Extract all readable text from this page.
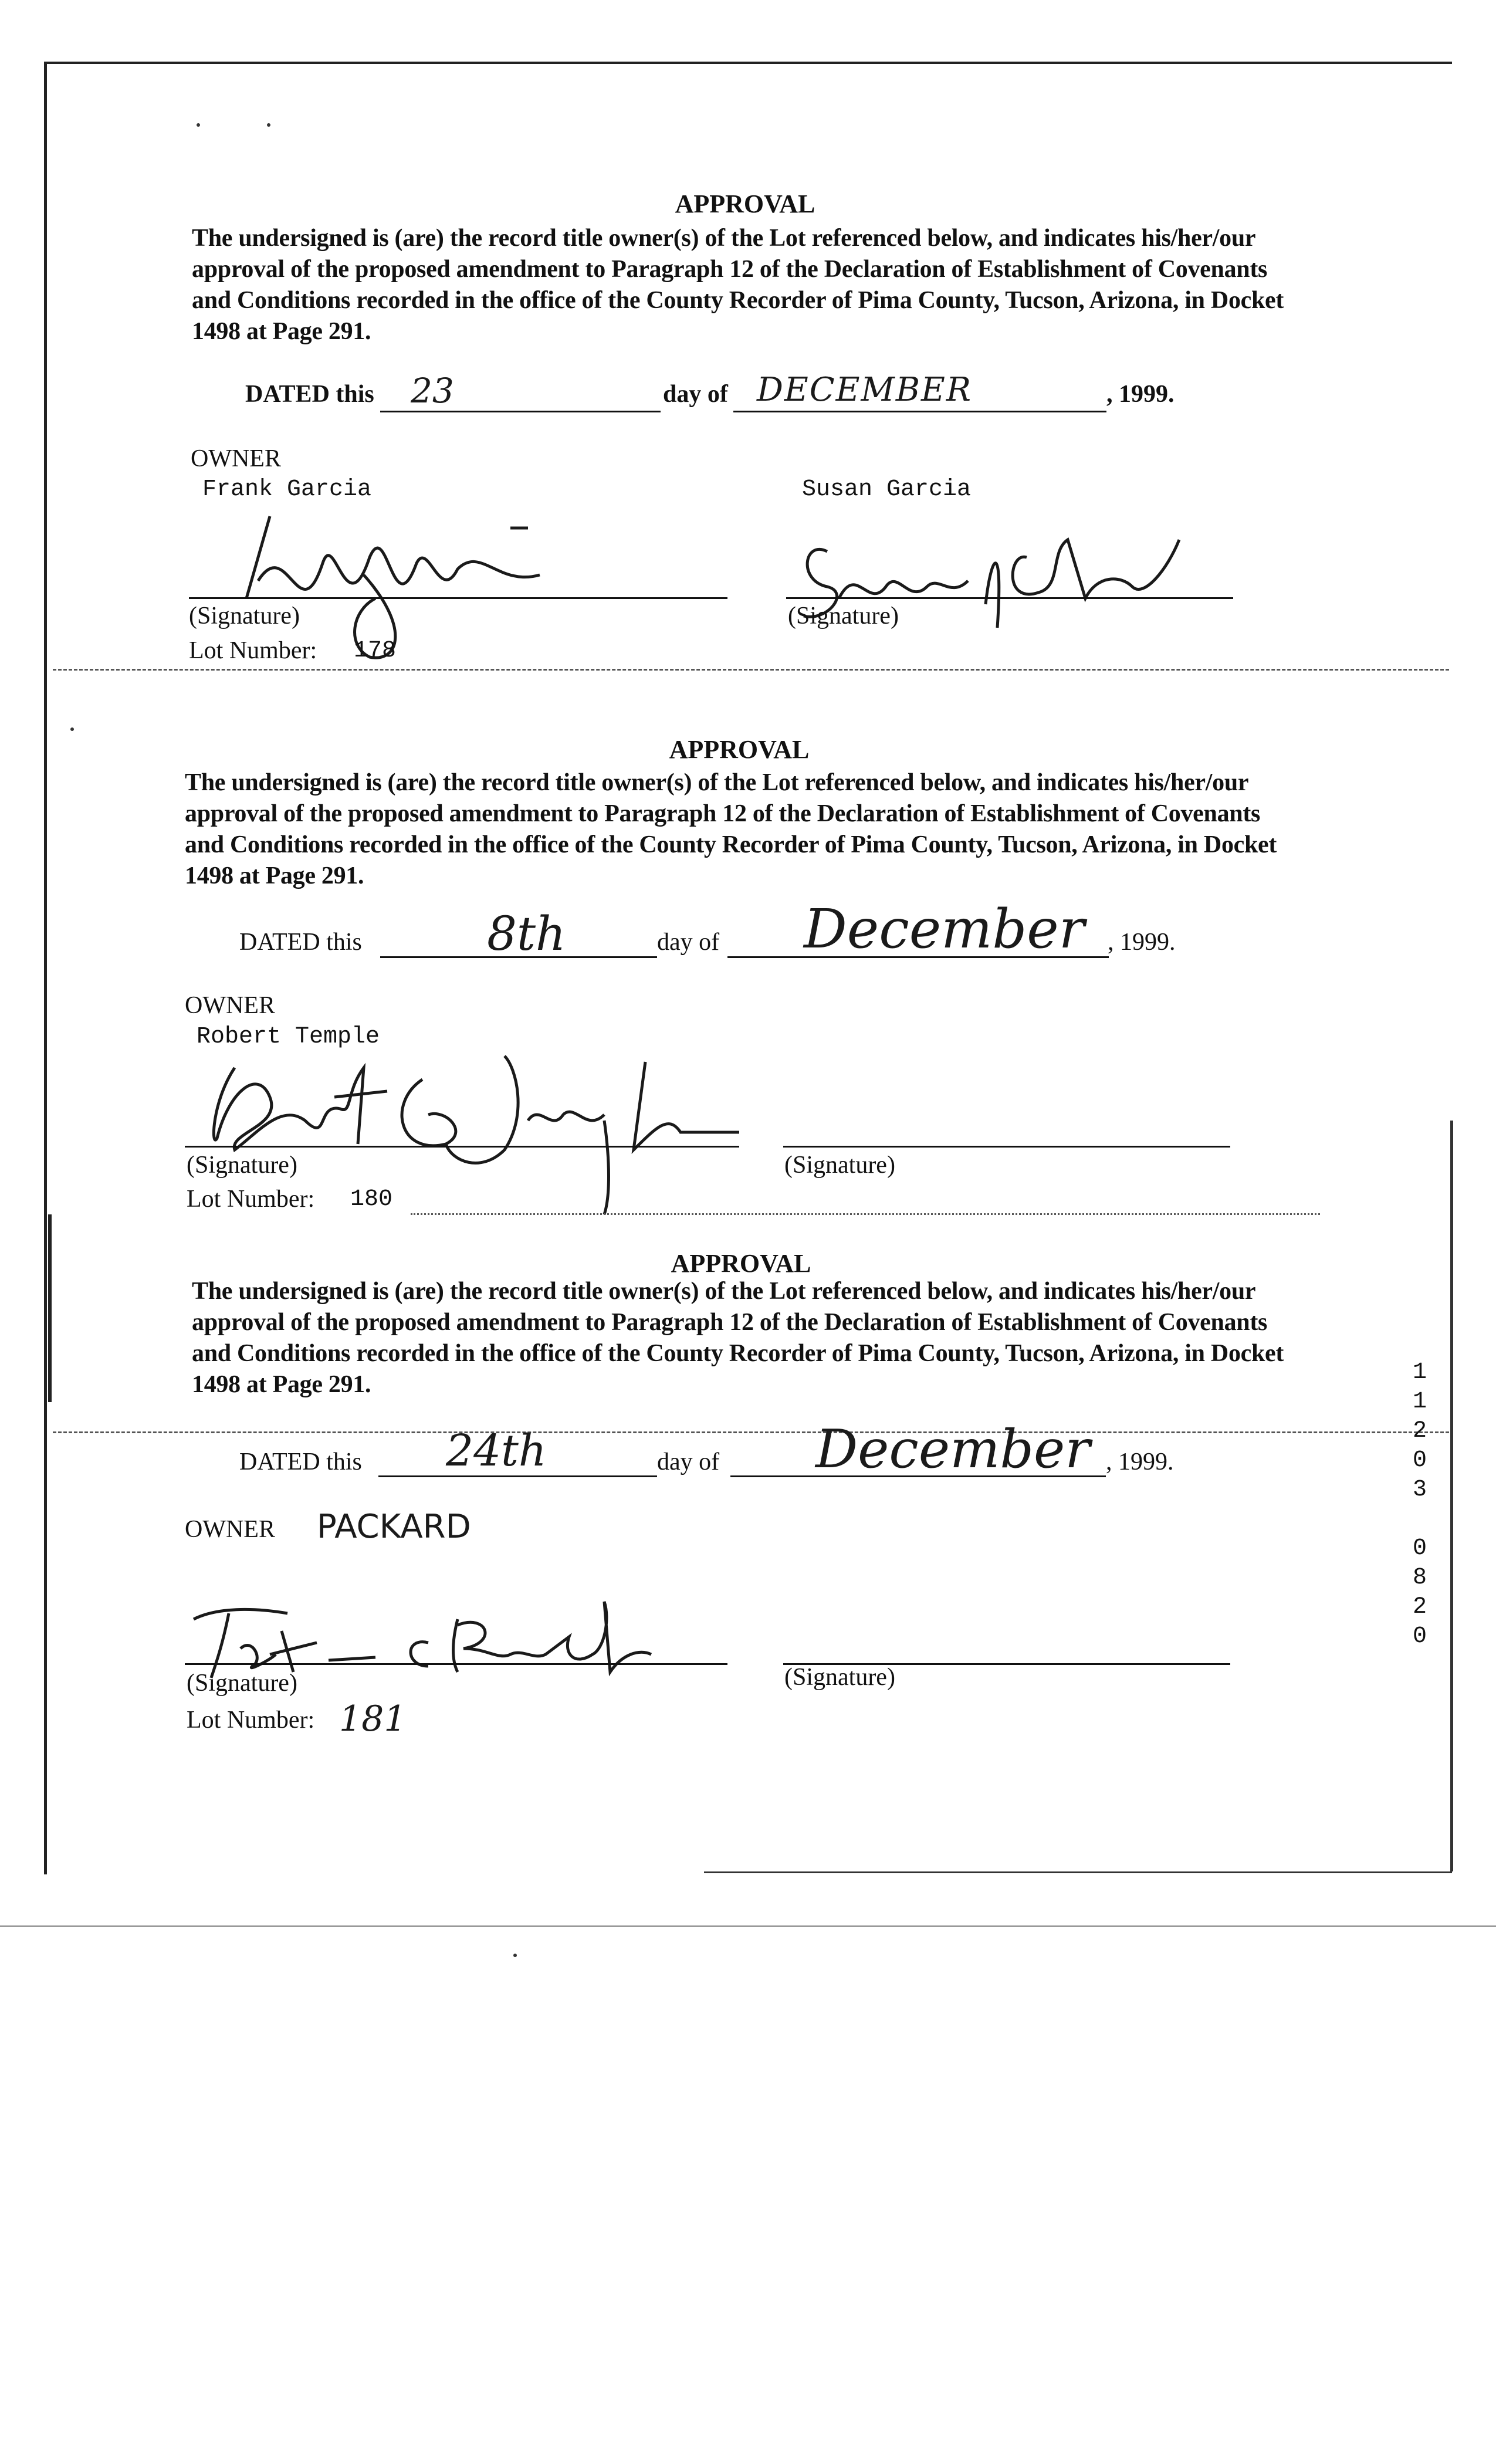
APPROVAL
The undersigned is (are) the record title owner(s) of the Lot referenced below, and indicates his/her/our approval of the proposed amendment to Paragraph 12 of the Declaration of Establishment of Covenants and Conditions recorded in the office of the County Recorder of Pima County, Tucson, Arizona, in Docket 1498 at Page 291.
DATED this 23	day of DECEMBER	, 1999.
OWNER
Frank Garcia	Susan Garcia
(Signature)	(Signature)
Lot Number: 178
APPROVAL
The undersigned is (are) the record title owner(s) of the Lot referenced below, and indicates his/her/our approval of the proposed amendment to Paragraph 12 of the Declaration of Establishment of Covenants and Conditions recorded in the office of the County Recorder of Pima County, Tucson, Arizona, in Docket 1498 at Page 291.
DATED this	8th	day of December , 1999.
OWNER
Robert Temple
(Signature)	(Signature)
Lot Number: 180
APPROVAL
The undersigned is (are) the record title owner(s) of the Lot referenced below, and indicates his/her/our approval of the proposed amendment to Paragraph 12 of the Declaration of Establishment of Covenants and Conditions recorded in the office of the County Recorder of Pima County, Tucson, Arizona, in Docket 1498 at Page 291.
DATED this 24th	day of December , 1999.
OWNER PACKARD
(Signature)	(Signature)
Lot Number: 181
1
1
2
0
3

0
8
2
0
